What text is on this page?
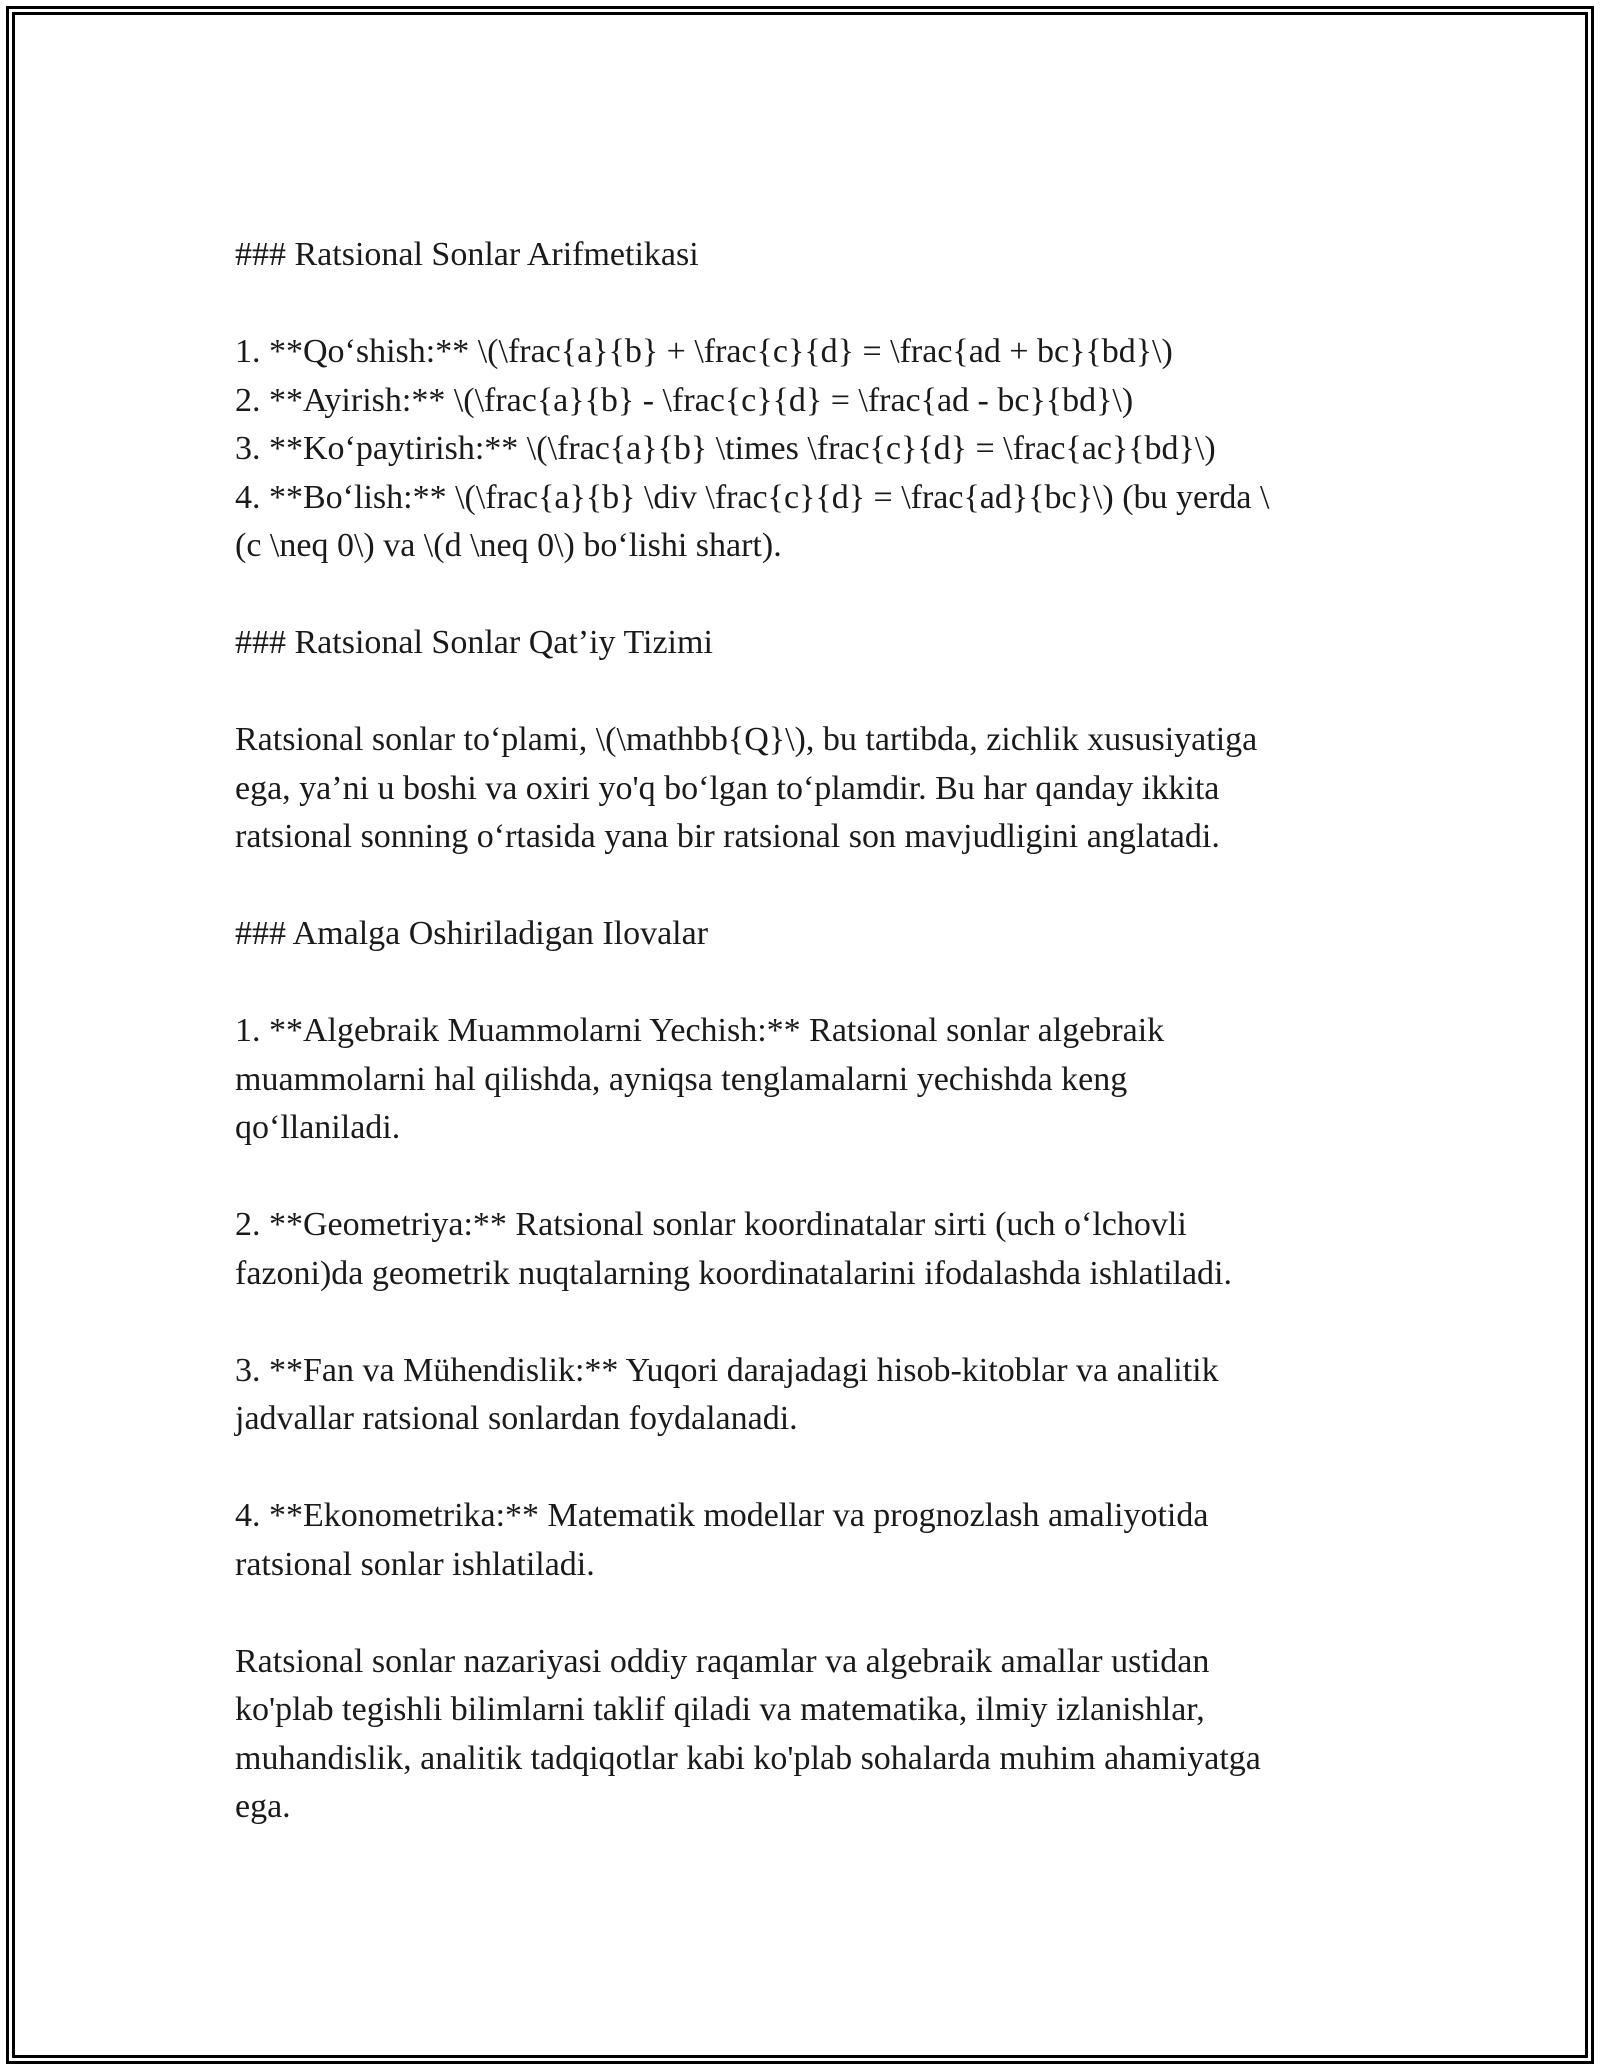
### Ratsional Sonlar Arifmetikasi
1. **Qo‘shish:** \(\frac{a}{b} + \frac{c}{d} = \frac{ad + bc}{bd}\)
2. **Ayirish:** \(\frac{a}{b} - \frac{c}{d} = \frac{ad - bc}{bd}\)
3. **Ko‘paytirish:** \(\frac{a}{b} \times \frac{c}{d} = \frac{ac}{bd}\)
4. **Bo‘lish:** \(\frac{a}{b} \div \frac{c}{d} = \frac{ad}{bc}\) (bu yerda \
(c \neq 0\) va \(d \neq 0\) bo‘lishi shart).
### Ratsional Sonlar Qat’iy Tizimi
Ratsional sonlar to‘plami, \(\mathbb{Q}\), bu tartibda, zichlik xususiyatiga
ega, ya’ni u boshi va oxiri yo'q bo‘lgan to‘plamdir. Bu har qanday ikkita
ratsional sonning o‘rtasida yana bir ratsional son mavjudligini anglatadi.
### Amalga Oshiriladigan Ilovalar
1. **Algebraik Muammolarni Yechish:** Ratsional sonlar algebraik
muammolarni hal qilishda, ayniqsa tenglamalarni yechishda keng
qo‘llaniladi.
2. **Geometriya:** Ratsional sonlar koordinatalar sirti (uch o‘lchovli
fazoni)da geometrik nuqtalarning koordinatalarini ifodalashda ishlatiladi.
3. **Fan va Mühendislik:** Yuqori darajadagi hisob-kitoblar va analitik
jadvallar ratsional sonlardan foydalanadi.
4. **Ekonometrika:** Matematik modellar va prognozlash amaliyotida
ratsional sonlar ishlatiladi.
Ratsional sonlar nazariyasi oddiy raqamlar va algebraik amallar ustidan
ko'plab tegishli bilimlarni taklif qiladi va matematika, ilmiy izlanishlar,
muhandislik, analitik tadqiqotlar kabi ko'plab sohalarda muhim ahamiyatga
ega.
